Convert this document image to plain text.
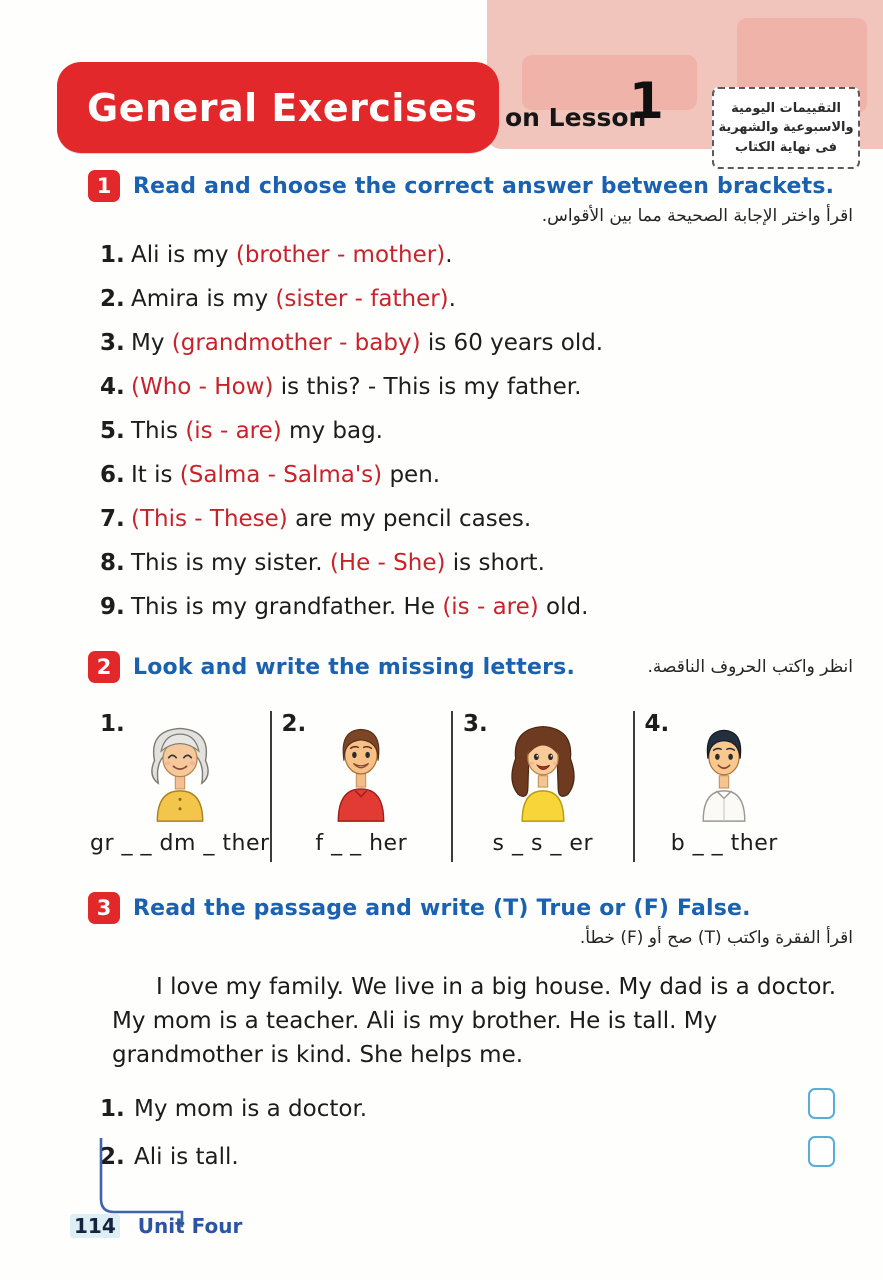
General Exercises on Lesson
1	التقييمات اليومية
والاسبوعية والشهرية
فى نهاية الكتاب
1 Read and choose the correct answer between brackets.
اقرأ واختر الإجابة الصحيحة مما بين الأقواس.
1. Ali is my (brother - mother).
2. Amira is my (sister - father).
3. My (grandmother - baby) is 60 years old.
4. (Who - How) is this? - This is my father.
5. This (is - are) my bag.
6. It is (Salma - Salma's) pen.
7. (This - These) are my pencil cases.
8. This is my sister. (He - She) is short.
9. This is my grandfather. He (is - are) old.
2 Look and write the missing letters.	انظر واكتب الحروف الناقصة.
1.
gr _ _ dm _ ther
2.
f _ _ her
3.
s _ s _ er
4.
b _ _ ther
3 Read the passage and write (T) True or (F) False.
اقرأ الفقرة واكتب (T) صح أو (F) خطأ.

I love my family. We live in a big house. My dad is a doctor. My mom is a teacher. Ali is my brother. He is tall. My grandmother is kind. She helps me.

1. My mom is a doctor.
2. Ali is tall.
114 Unit Four
